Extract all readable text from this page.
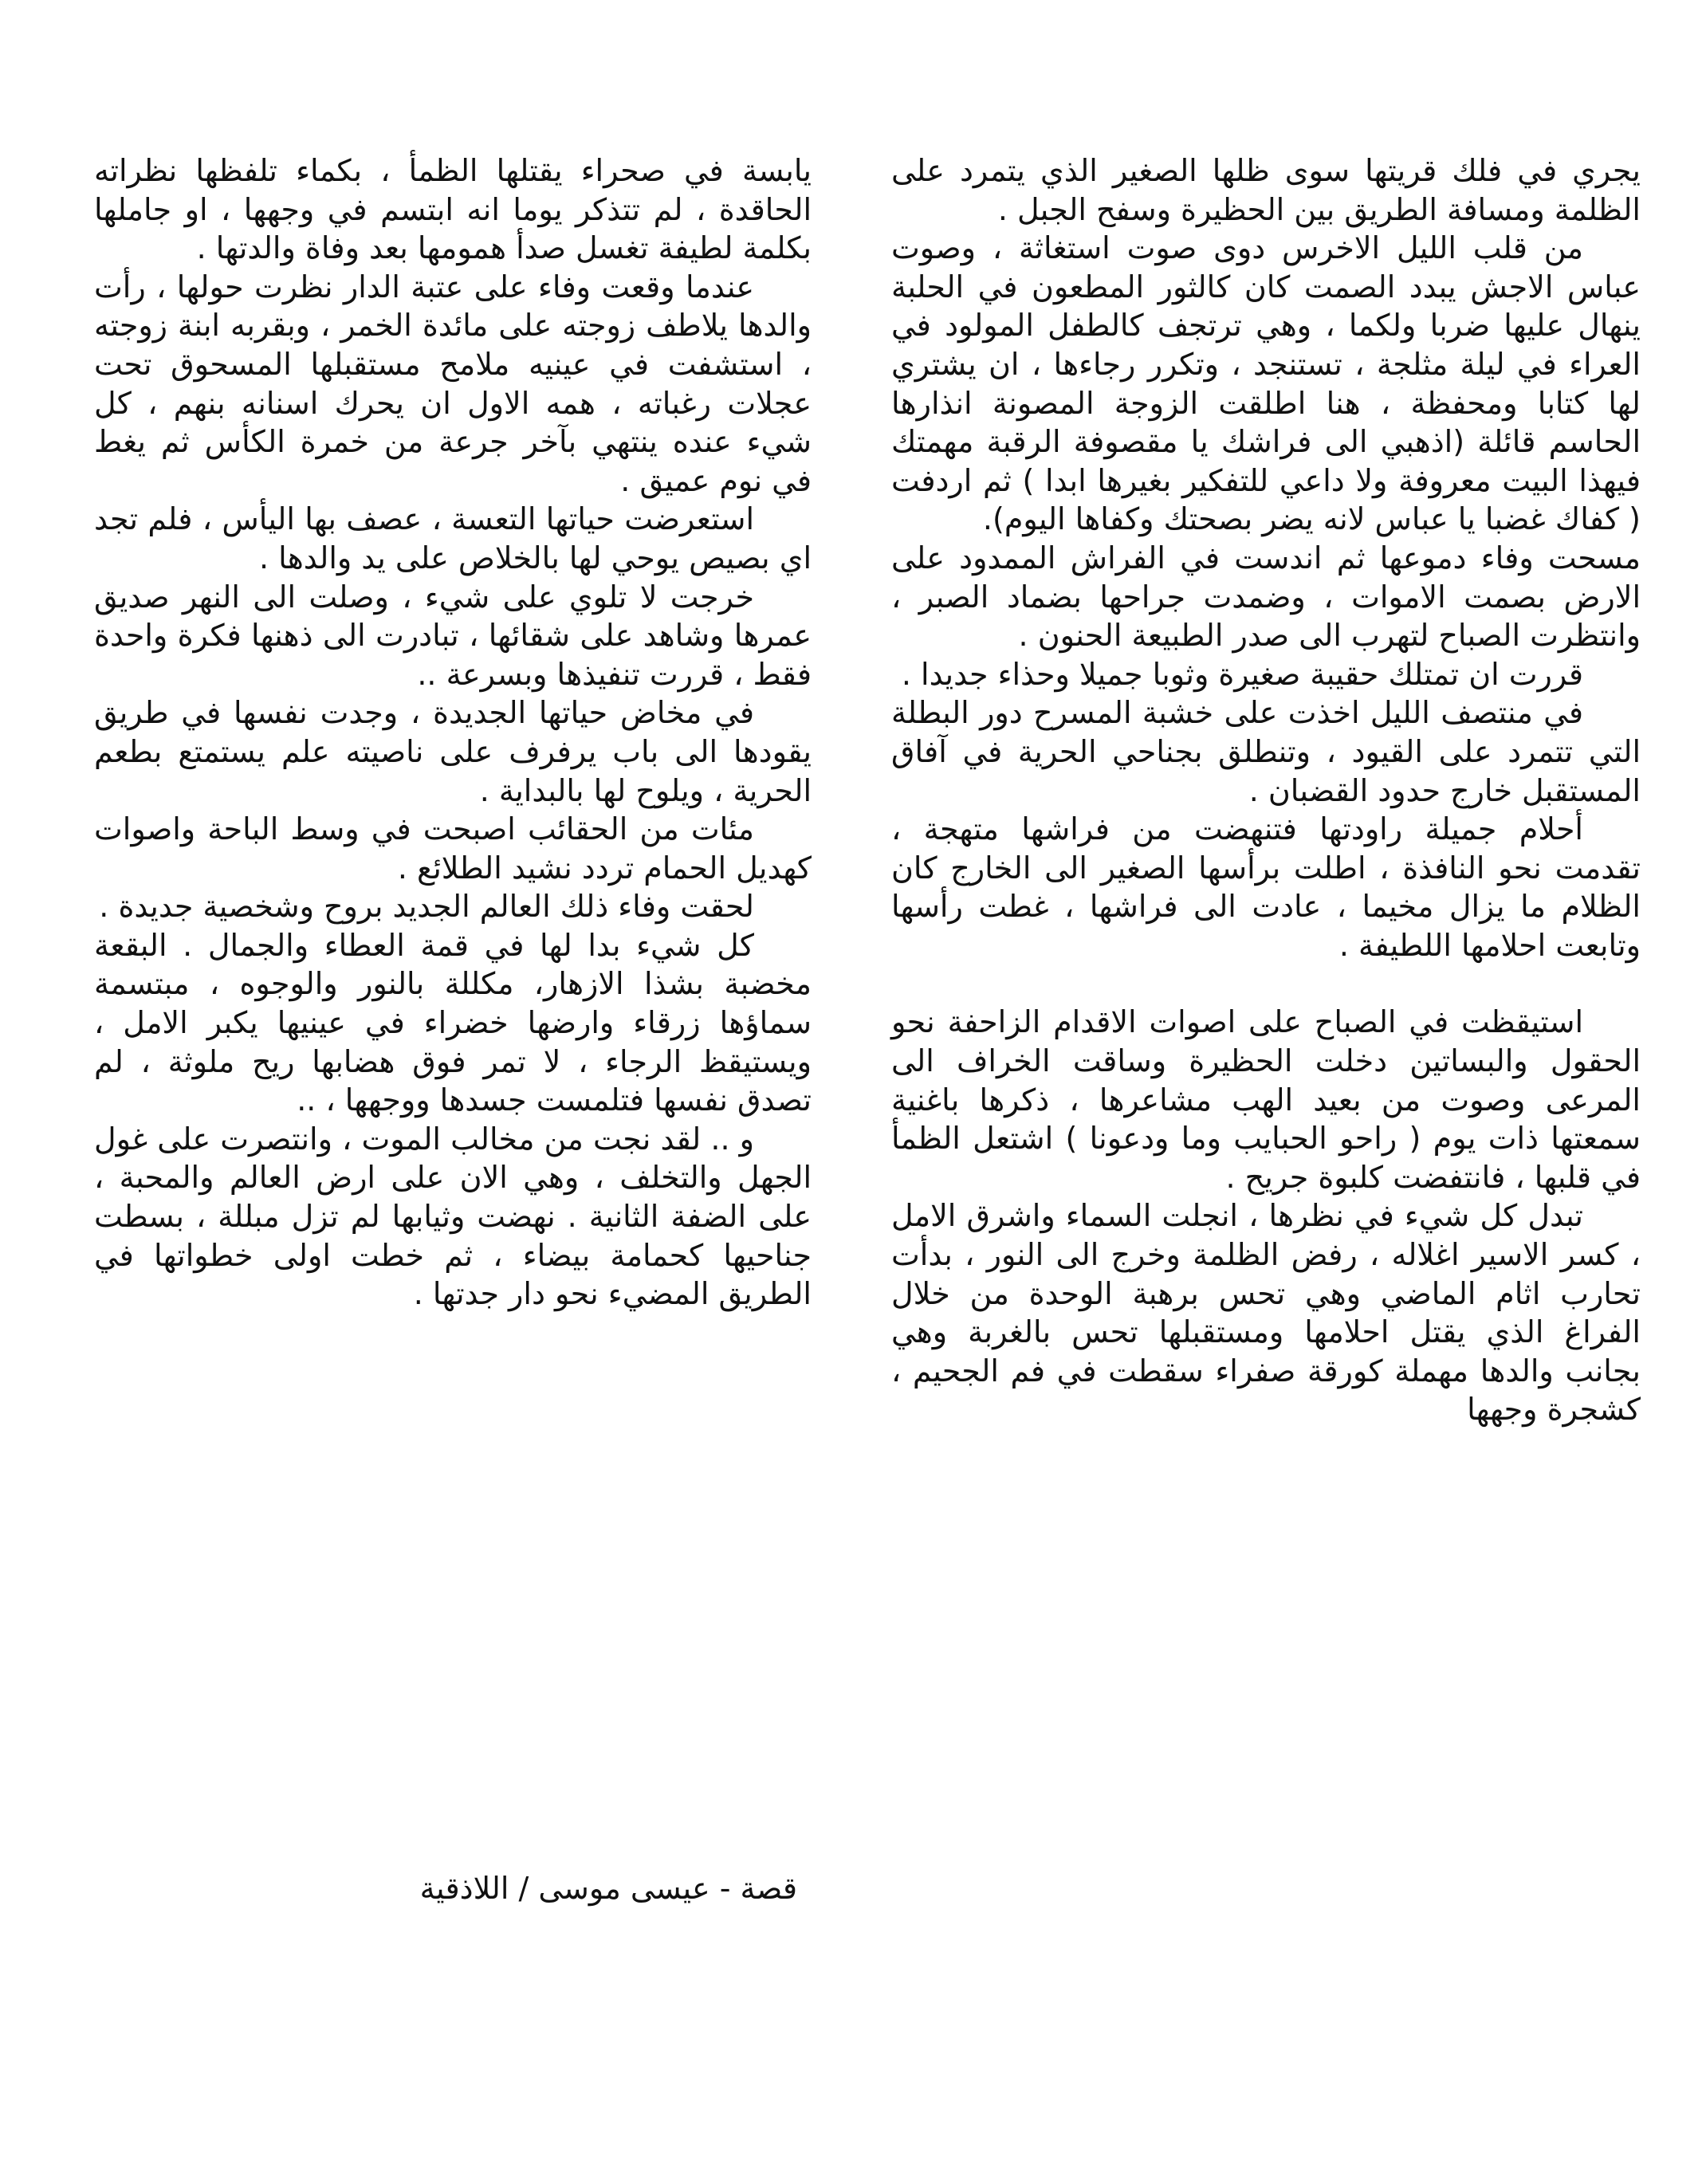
يجري في فلك قريتها سوى ظلها الصغير الذي يتمرد على الظلمة ومسافة الطريق بين الحظيرة وسفح الجبل .

من قلب الليل الاخرس دوى صوت استغاثة ، وصوت عباس الاجش يبدد الصمت كان كالثور المطعون في الحلبة ينهال عليها ضربا ولكما ، وهي ترتجف كالطفل المولود في العراء في ليلة مثلجة ، تستنجد ، وتكرر رجاءها ، ان يشتري لها كتابا ومحفظة ، هنا اطلقت الزوجة المصونة انذارها الحاسم قائلة (اذهبي الى فراشك يا مقصوفة الرقبة مهمتك فيهذا البيت معروفة ولا داعي للتفكير بغيرها ابدا ) ثم اردفت ( كفاك غضبا يا عباس لانه يضر بصحتك وكفاها اليوم).

مسحت وفاء دموعها ثم اندست في الفراش الممدود على الارض بصمت الاموات ، وضمدت جراحها بضماد الصبر ، وانتظرت الصباح لتهرب الى صدر الطبيعة الحنون .

قررت ان تمتلك حقيبة صغيرة وثوبا جميلا وحذاء جديدا .

في منتصف الليل اخذت على خشبة المسرح دور البطلة التي تتمرد على القيود ، وتنطلق بجناحي الحرية في آفاق المستقبل خارج حدود القضبان .

أحلام جميلة راودتها فتنهضت من فراشها متهجة ، تقدمت نحو النافذة ، اطلت برأسها الصغير الى الخارج كان الظلام ما يزال مخيما ، عادت الى فراشها ، غطت رأسها وتابعت احلامها اللطيفة .

استيقظت في الصباح على اصوات الاقدام الزاحفة نحو الحقول والبساتين دخلت الحظيرة وساقت الخراف الى المرعى وصوت من بعيد الهب مشاعرها ، ذكرها باغنية سمعتها ذات يوم ( راحو الحبايب وما ودعونا ) اشتعل الظمأ في قلبها ، فانتفضت كلبوة جريح .

تبدل كل شيء في نظرها ، انجلت السماء واشرق الامل ، كسر الاسير اغلاله ، رفض الظلمة وخرج الى النور ، بدأت تحارب اثام الماضي وهي تحس برهبة الوحدة من خلال الفراغ الذي يقتل احلامها ومستقبلها تحس بالغربة وهي بجانب والدها مهملة كورقة صفراء سقطت في فم الجحيم ، كشجرة وجهها

يابسة في صحراء يقتلها الظمأ ، بكماء تلفظها نظراته الحاقدة ، لم تتذكر يوما انه ابتسم في وجهها ، او جاملها بكلمة لطيفة تغسل صدأ همومها بعد وفاة والدتها .

عندما وقعت وفاء على عتبة الدار نظرت حولها ، رأت والدها يلاطف زوجته على مائدة الخمر ، وبقربه ابنة زوجته ، استشفت في عينيه ملامح مستقبلها المسحوق تحت عجلات رغباته ، همه الاول ان يحرك اسنانه بنهم ، كل شيء عنده ينتهي بآخر جرعة من خمرة الكأس ثم يغط في نوم عميق .

استعرضت حياتها التعسة ، عصف بها اليأس ، فلم تجد اي بصيص يوحي لها بالخلاص على يد والدها .

خرجت لا تلوي على شيء ، وصلت الى النهر صديق عمرها وشاهد على شقائها ، تبادرت الى ذهنها فكرة واحدة فقط ، قررت تنفيذها وبسرعة ..

في مخاض حياتها الجديدة ، وجدت نفسها في طريق يقودها الى باب يرفرف على ناصيته علم يستمتع بطعم الحرية ، ويلوح لها بالبداية .

مئات من الحقائب اصبحت في وسط الباحة واصوات كهديل الحمام تردد نشيد الطلائع .

لحقت وفاء ذلك العالم الجديد بروح وشخصية جديدة .

كل شيء بدا لها في قمة العطاء والجمال . البقعة مخضبة بشذا الازهار، مكللة بالنور والوجوه ، مبتسمة سماؤها زرقاء وارضها خضراء في عينيها يكبر الامل ، ويستيقظ الرجاء ، لا تمر فوق هضابها ريح ملوثة ، لم تصدق نفسها فتلمست جسدها ووجهها ، ..

و .. لقد نجت من مخالب الموت ، وانتصرت على غول الجهل والتخلف ، وهي الان على ارض العالم والمحبة ، على الضفة الثانية . نهضت وثيابها لم تزل مبللة ، بسطت جناحيها كحمامة بيضاء ، ثم خطت اولى خطواتها في الطريق المضيء نحو دار جدتها .

قصة - عيسى موسى / اللاذقية
